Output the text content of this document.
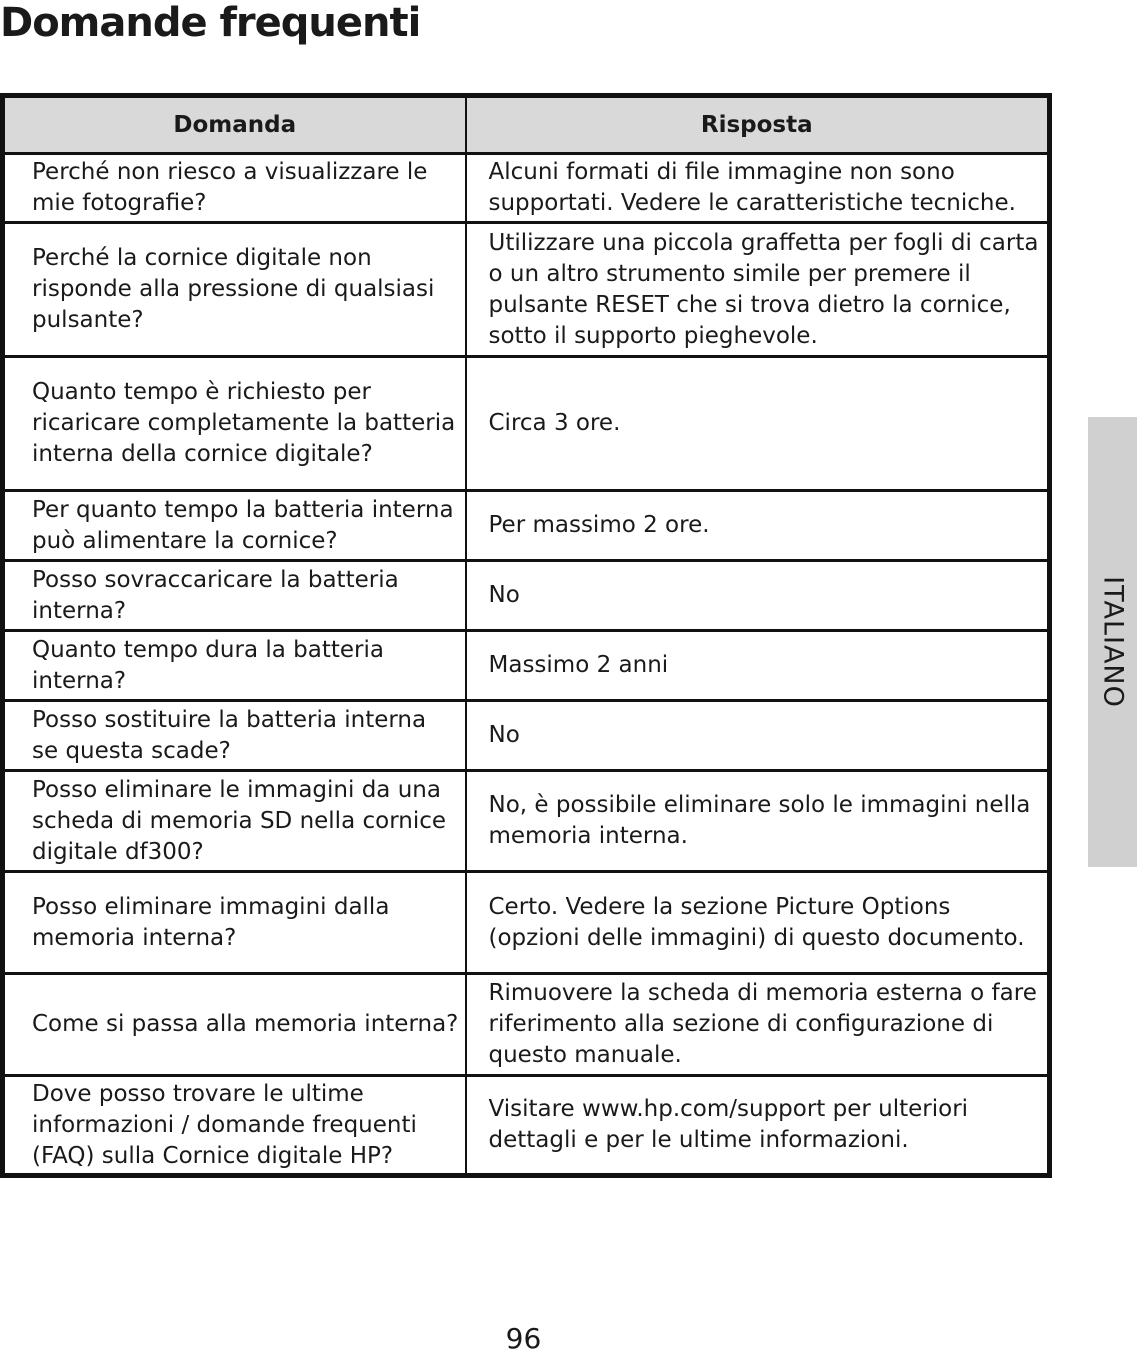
Domande frequenti
Domanda	Risposta
Perché non riesco a visualizzare le mie fotografie?	Alcuni formati di file immagine non sono supportati. Vedere le caratteristiche tecniche.
Perché la cornice digitale non risponde alla pressione di qualsiasi pulsante?	Utilizzare una piccola graffetta per fogli di carta o un altro strumento simile per premere il pulsante RESET che si trova dietro la cornice, sotto il supporto pieghevole.
Quanto tempo è richiesto per ricaricare completamente la batteria interna della cornice digitale?	Circa 3 ore.
Per quanto tempo la batteria interna può alimentare la cornice?	Per massimo 2 ore.
Posso sovraccaricare la batteria interna?	No
Quanto tempo dura la batteria interna?	Massimo 2 anni
Posso sostituire la batteria interna se questa scade?	No
Posso eliminare le immagini da una scheda di memoria SD nella cornice digitale df300?	No, è possibile eliminare solo le immagini nella memoria interna.
Posso eliminare immagini dalla memoria interna?	Certo. Vedere la sezione Picture Options (opzioni delle immagini) di questo documento.
Come si passa alla memoria interna?	Rimuovere la scheda di memoria esterna o fare riferimento alla sezione di configurazione di questo manuale.
Dove posso trovare le ultime informazioni / domande frequenti (FAQ) sulla Cornice digitale HP?	Visitare www.hp.com/support per ulteriori dettagli e per le ultime informazioni.
ITALIANO
96
